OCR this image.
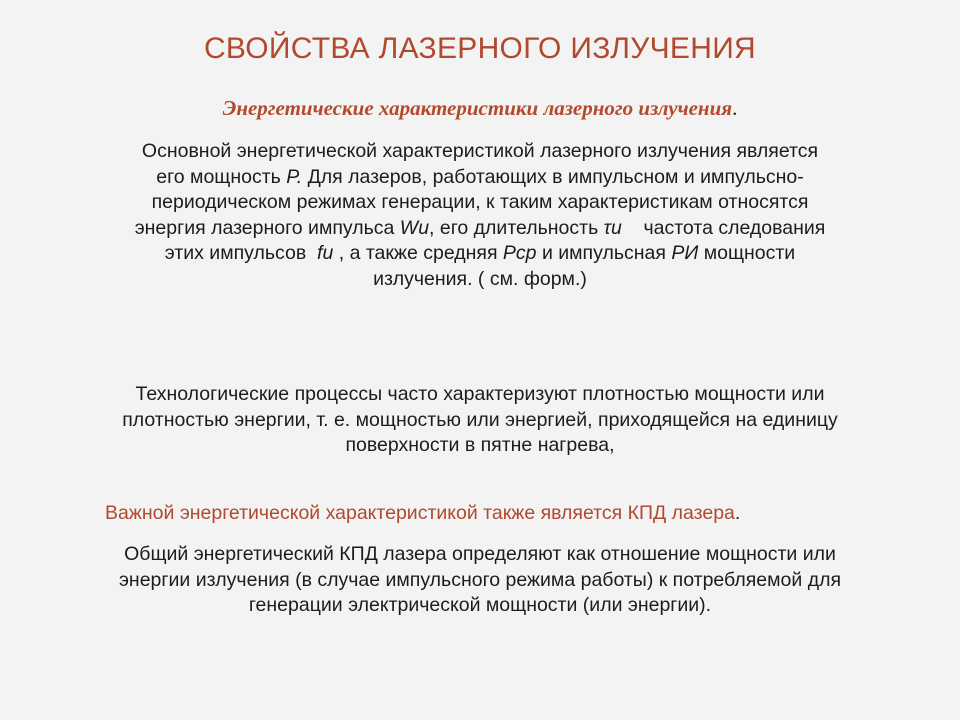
СВОЙСТВА ЛАЗЕРНОГО ИЗЛУЧЕНИЯ
Энергетические характеристики лазерного излучения.
Основной энергетической характеристикой лазерного излучения является
его мощность P. Для лазеров, работающих в импульсном и импульсно-
периодическом режимах генерации, к таким характеристикам относятся
энергия лазерного импульса Wu, его длительность τu    частота следования
этих импульсов  fu , а также средняя Pcp и импульсная PИ мощности
излучения. ( см. форм.)
Технологические процессы часто характеризуют плотностью мощности или
плотностью энергии, т. е. мощностью или энергией, приходящейся на единицу
поверхности в пятне нагрева,
Важной энергетической характеристикой также является КПД лазера.
Общий энергетический КПД лазера определяют как отношение мощности или
энергии излучения (в случае импульсного режима работы) к потребляемой для
генерации электрической мощности (или энергии).
